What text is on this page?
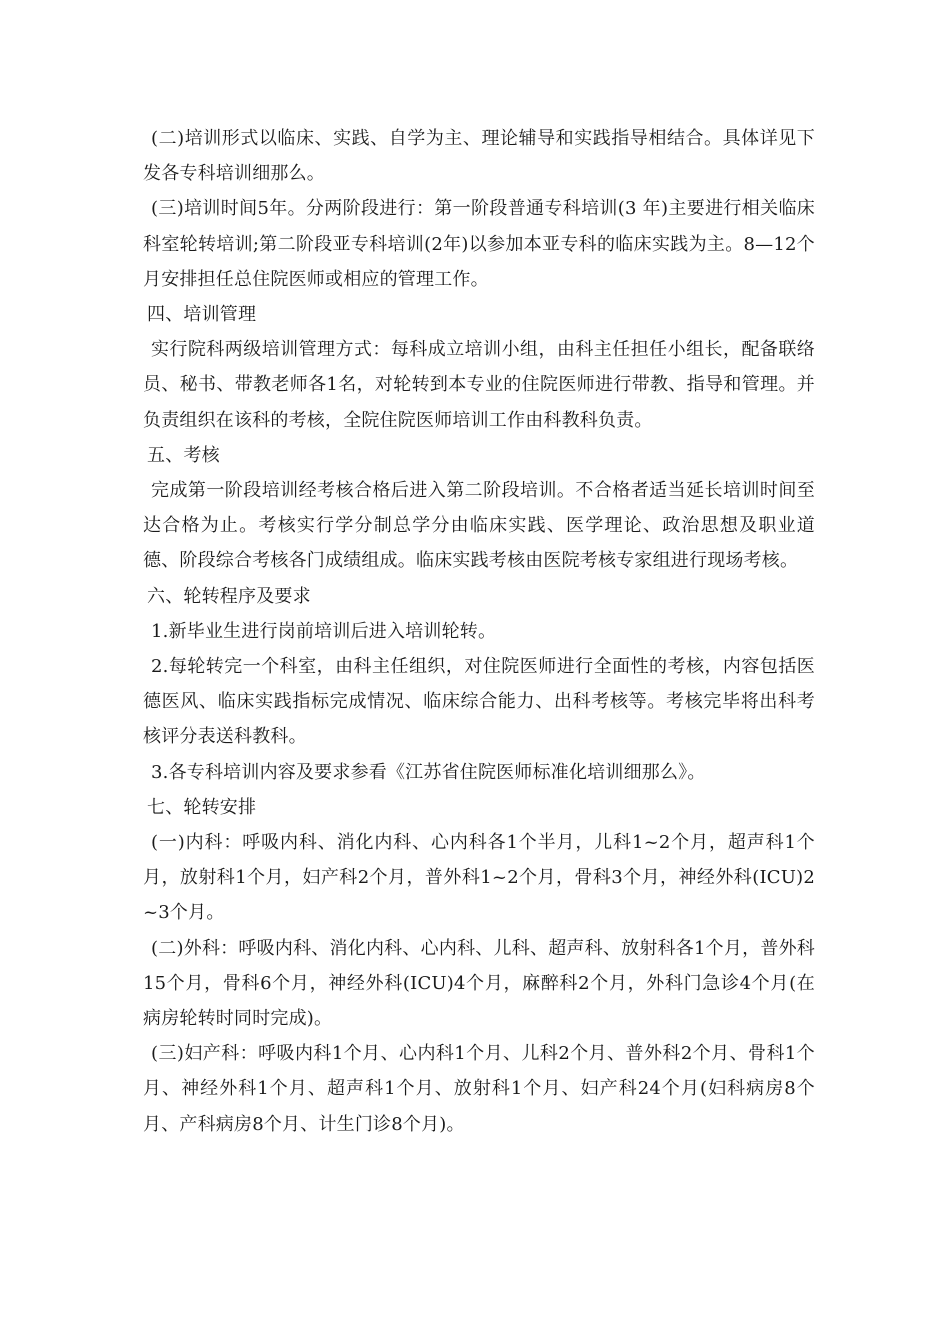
(二)培训形式以临床、实践、自学为主、理论辅导和实践指导相结合。具体详见下发各专科培训细那么。

(三)培训时间5年。分两阶段进行：第一阶段普通专科培训(3 年)主要进行相关临床科室轮转培训;第二阶段亚专科培训(2年)以参加本亚专科的临床实践为主。8—12个月安排担任总住院医师或相应的管理工作。

四、培训管理

实行院科两级培训管理方式：每科成立培训小组，由科主任担任小组长，配备联络员、秘书、带教老师各1名，对轮转到本专业的住院医师进行带教、指导和管理。并负责组织在该科的考核，全院住院医师培训工作由科教科负责。

五、考核

完成第一阶段培训经考核合格后进入第二阶段培训。不合格者适当延长培训时间至达合格为止。考核实行学分制总学分由临床实践、医学理论、政治思想及职业道德、阶段综合考核各门成绩组成。临床实践考核由医院考核专家组进行现场考核。

六、轮转程序及要求

1.新毕业生进行岗前培训后进入培训轮转。

2.每轮转完一个科室，由科主任组织，对住院医师进行全面性的考核，内容包括医德医风、临床实践指标完成情况、临床综合能力、出科考核等。考核完毕将出科考核评分表送科教科。

3.各专科培训内容及要求参看《江苏省住院医师标准化培训细那么》。

七、轮转安排

(一)内科：呼吸内科、消化内科、心内科各1个半月，儿科1~2个月，超声科1个月，放射科1个月，妇产科2个月，普外科1~2个月，骨科3个月，神经外科(ICU)2~3个月。

(二)外科：呼吸内科、消化内科、心内科、儿科、超声科、放射科各1个月，普外科15个月，骨科6个月，神经外科(ICU)4个月，麻醉科2个月，外科门急诊4个月(在病房轮转时同时完成)。

(三)妇产科：呼吸内科1个月、心内科1个月、儿科2个月、普外科2个月、骨科1个月、神经外科1个月、超声科1个月、放射科1个月、妇产科24个月(妇科病房8个月、产科病房8个月、计生门诊8个月)。
